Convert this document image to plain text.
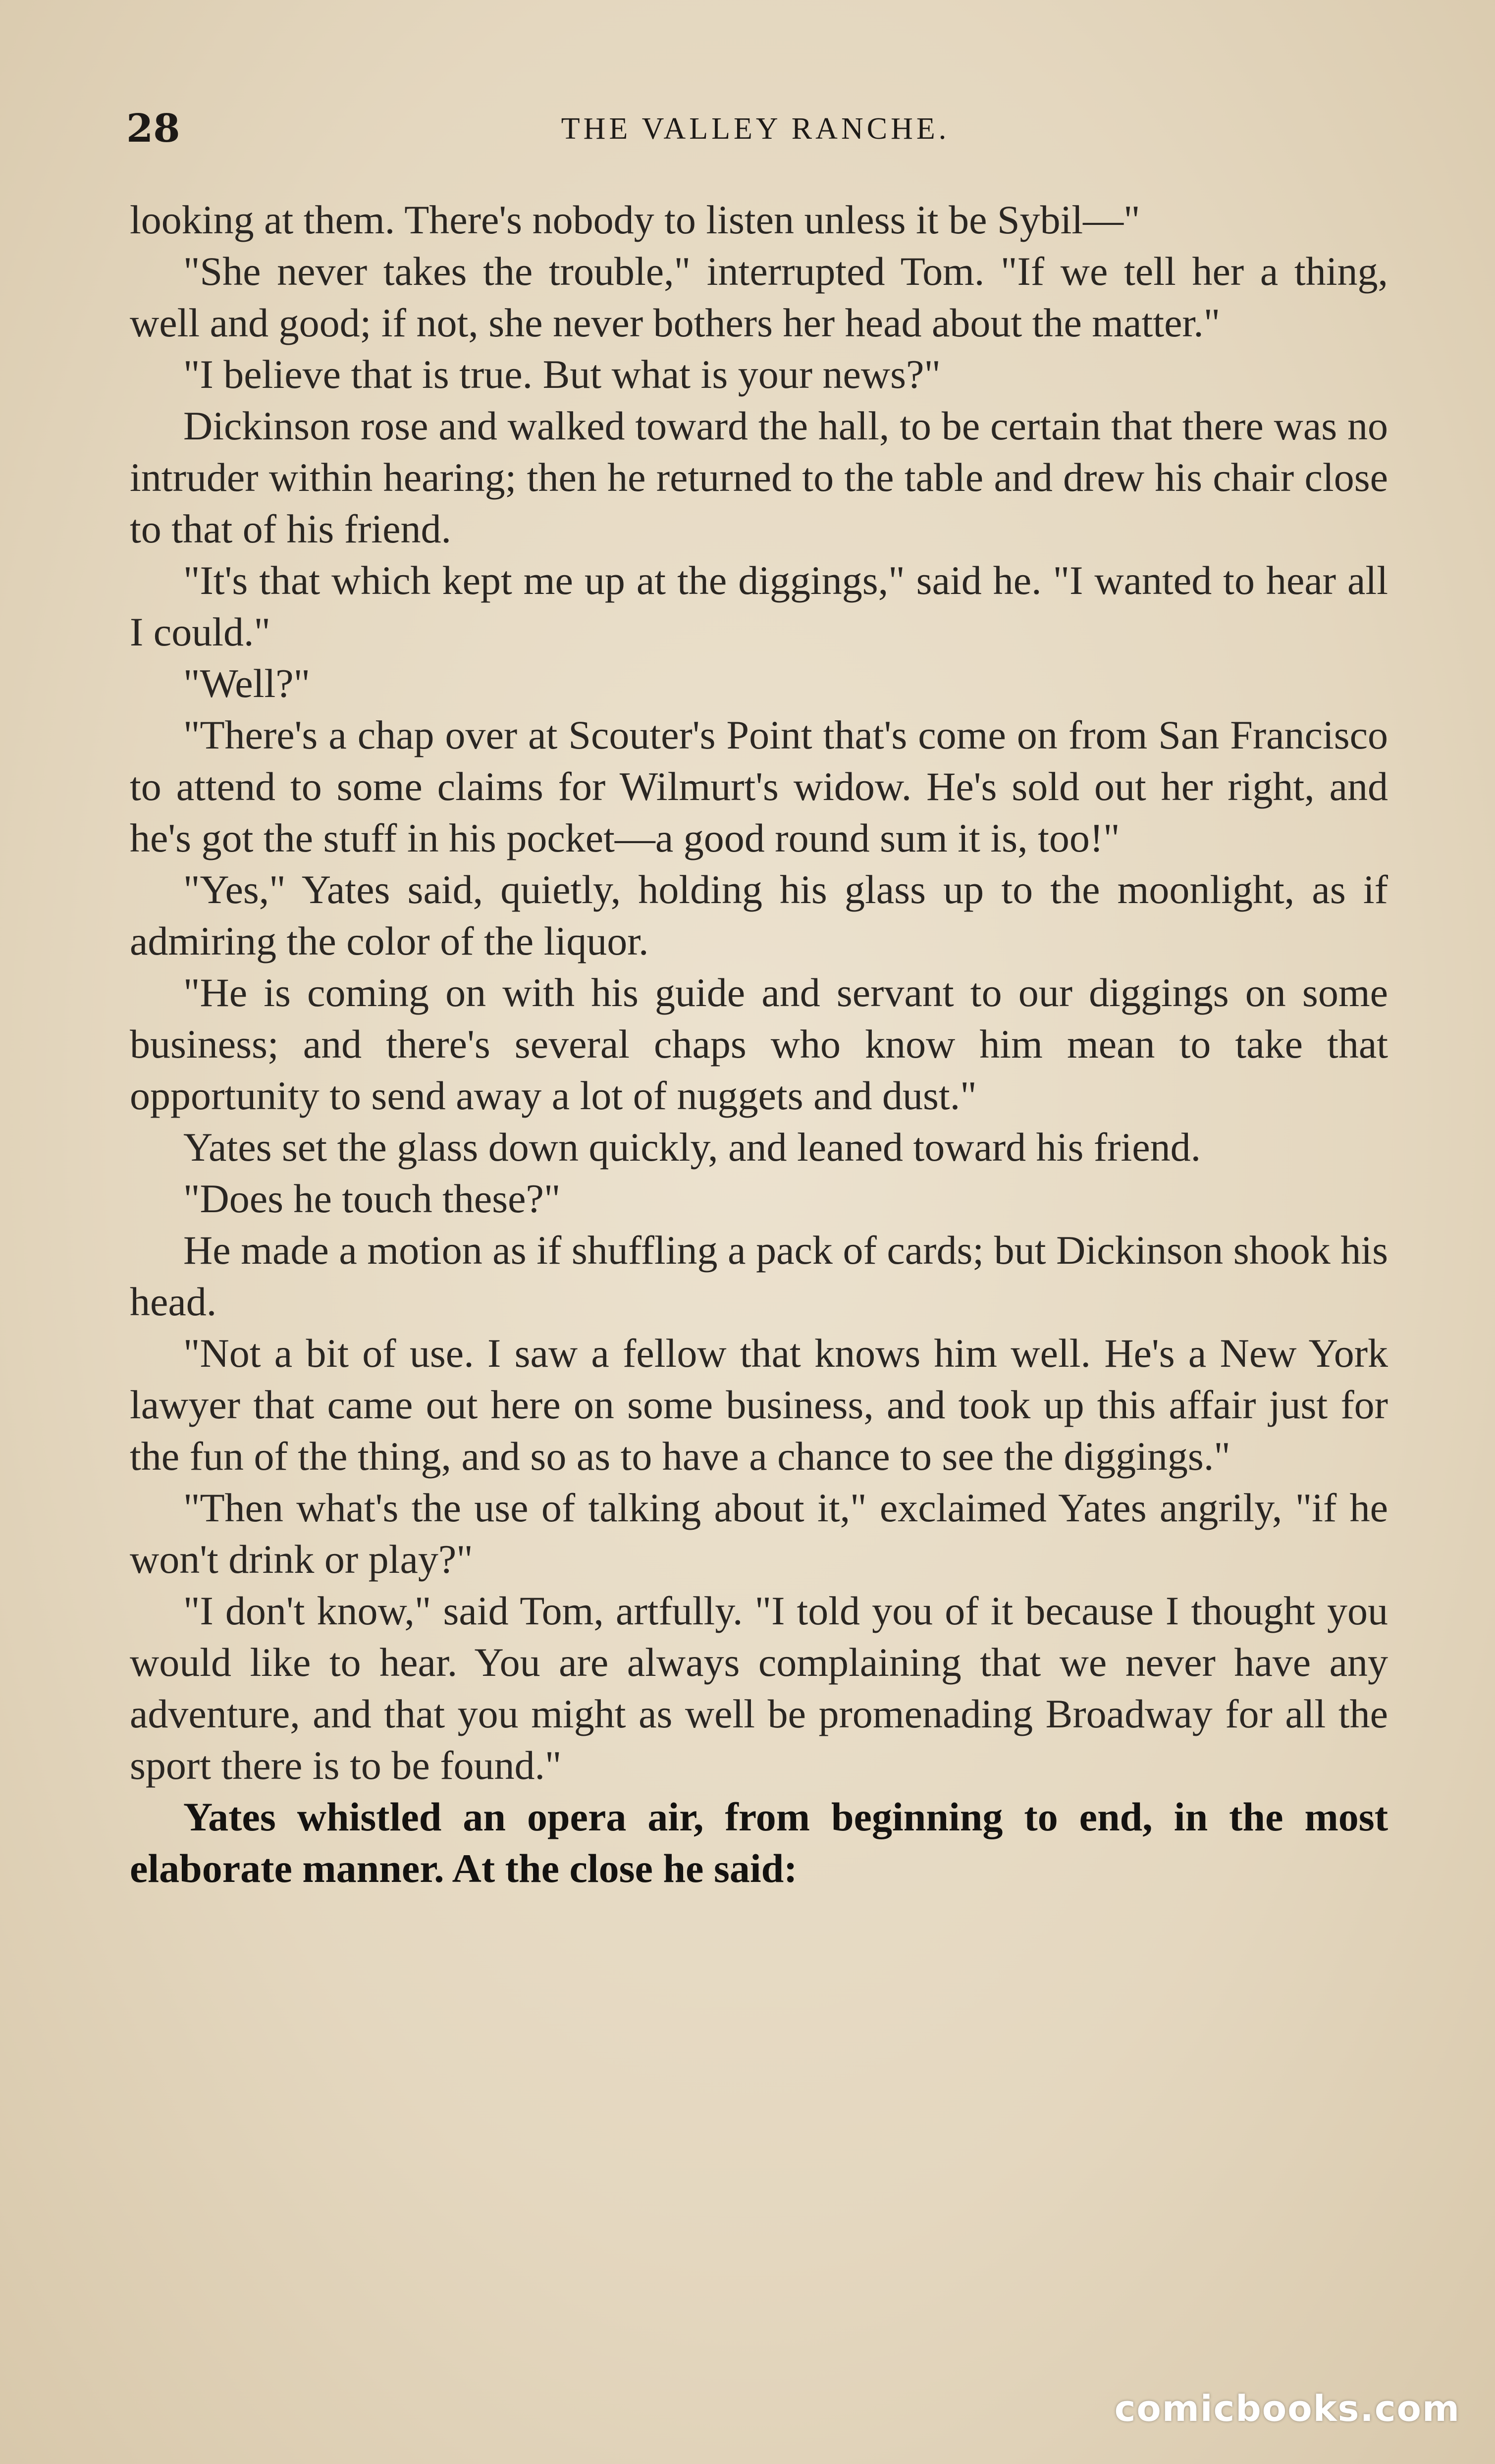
28	THE VALLEY RANCHE.

looking at them. There's nobody to listen unless it be Sybil—"

"She never takes the trouble," interrupted Tom. "If we tell her a thing, well and good; if not, she never bothers her head about the matter."

"I believe that is true. But what is your news?"

Dickinson rose and walked toward the hall, to be certain that there was no intruder within hearing; then he returned to the table and drew his chair close to that of his friend.

"It's that which kept me up at the diggings," said he. "I wanted to hear all I could."

"Well?"

"There's a chap over at Scouter's Point that's come on from San Francisco to attend to some claims for Wilmurt's widow. He's sold out her right, and he's got the stuff in his pocket—a good round sum it is, too!"

"Yes," Yates said, quietly, holding his glass up to the moonlight, as if admiring the color of the liquor.

"He is coming on with his guide and servant to our diggings on some business; and there's several chaps who know him mean to take that opportunity to send away a lot of nuggets and dust."

Yates set the glass down quickly, and leaned toward his friend.

"Does he touch these?"

He made a motion as if shuffling a pack of cards; but Dickinson shook his head.

"Not a bit of use. I saw a fellow that knows him well. He's a New York lawyer that came out here on some business, and took up this affair just for the fun of the thing, and so as to have a chance to see the diggings."

"Then what's the use of talking about it," exclaimed Yates angrily, "if he won't drink or play?"

"I don't know," said Tom, artfully. "I told you of it because I thought you would like to hear. You are always complaining that we never have any adventure, and that you might as well be promenading Broadway for all the sport there is to be found."

Yates whistled an opera air, from beginning to end, in the most elaborate manner. At the close he said:

comicbooks.com
